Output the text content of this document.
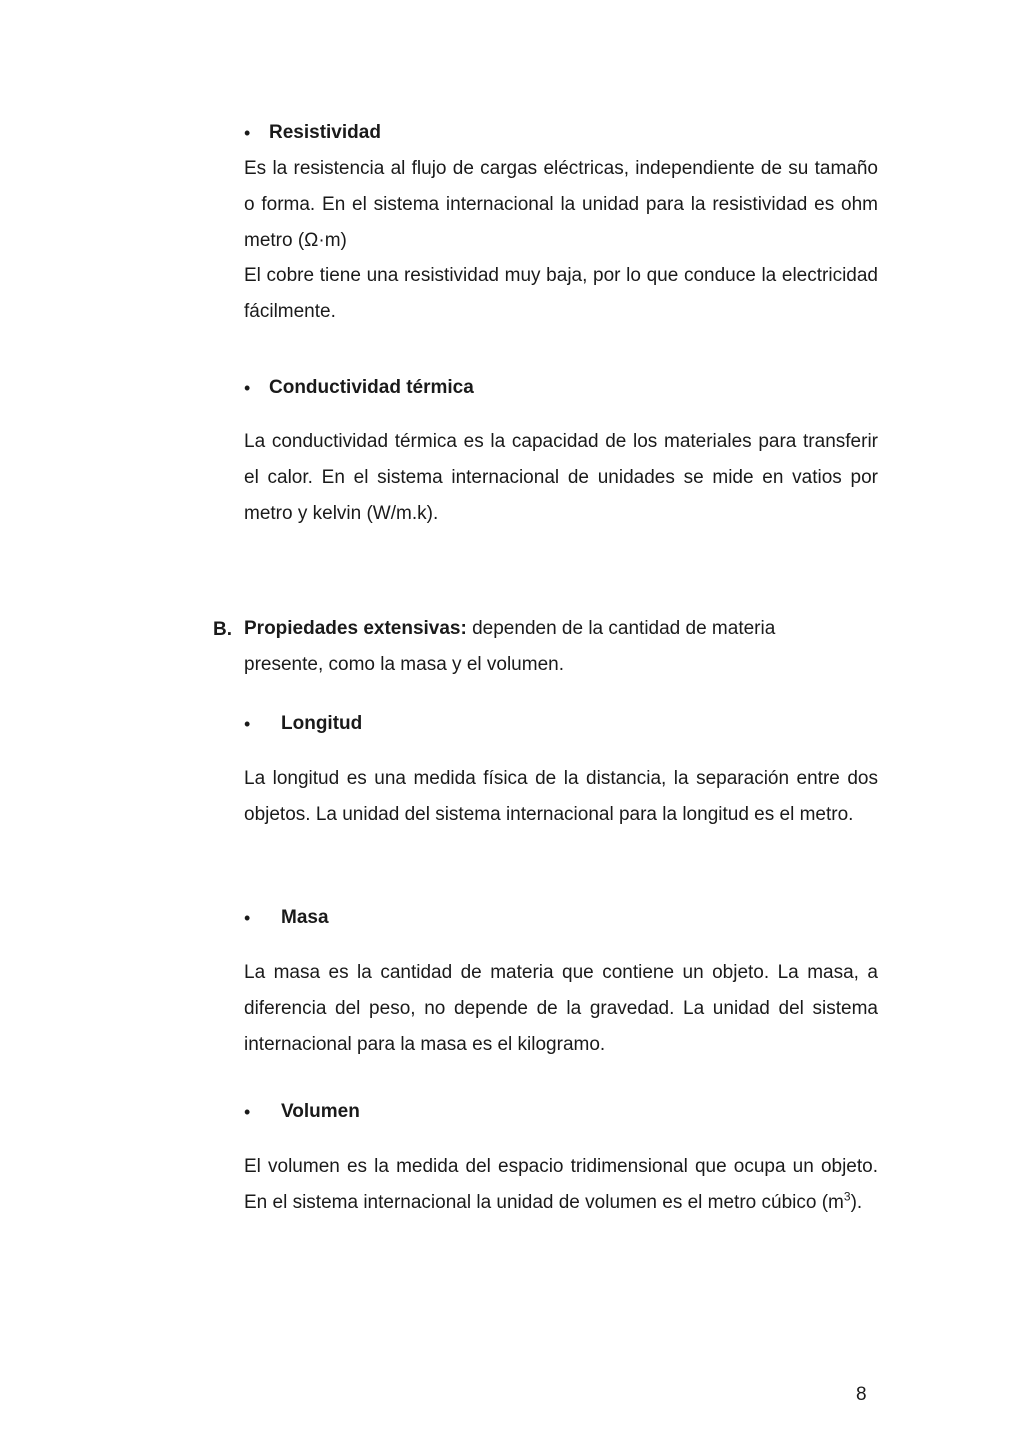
• Resistividad
Es la resistencia al flujo de cargas eléctricas, independiente de su tamaño o forma. En el sistema internacional la unidad para la resistividad es ohm metro (Ω·m)
El cobre tiene una resistividad muy baja, por lo que conduce la electricidad fácilmente.
• Conductividad térmica
La conductividad térmica es la capacidad de los materiales para transferir el calor. En el sistema internacional de unidades se mide en vatios por metro y kelvin (W/m.k).
B. Propiedades extensivas: dependen de la cantidad de materia presente, como la masa y el volumen.
• Longitud
La longitud es una medida física de la distancia, la separación entre dos objetos. La unidad del sistema internacional para la longitud es el metro.
• Masa
La masa es la cantidad de materia que contiene un objeto. La masa, a diferencia del peso, no depende de la gravedad. La unidad del sistema internacional para la masa es el kilogramo.
• Volumen
El volumen es la medida del espacio tridimensional que ocupa un objeto. En el sistema internacional la unidad de volumen es el metro cúbico $(m^3)$.
8
